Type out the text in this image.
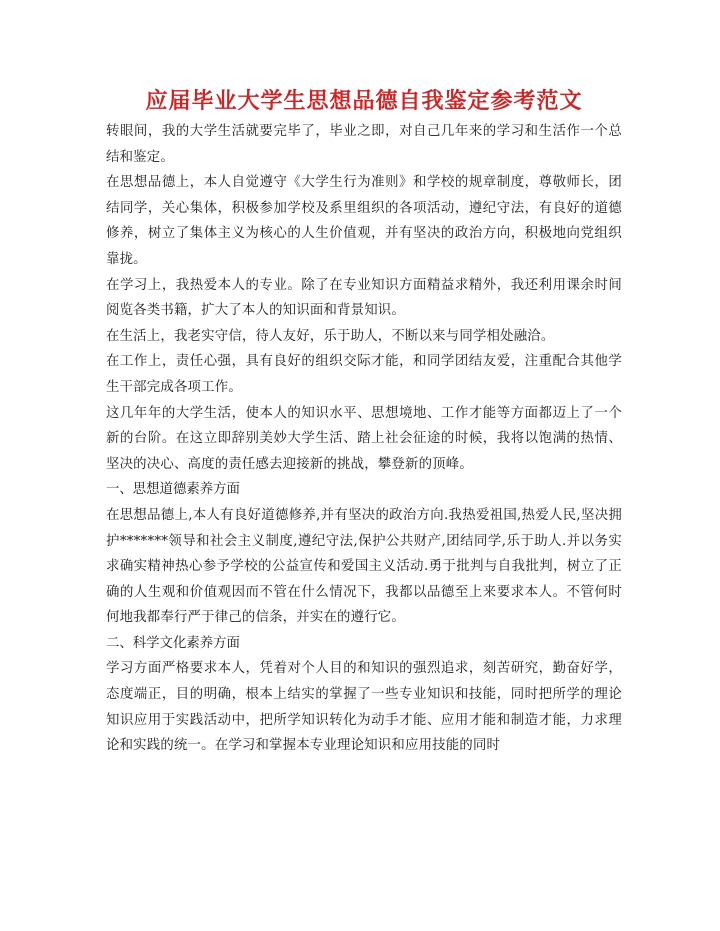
应届毕业大学生思想品德自我鉴定参考范文

转眼间，我的大学生活就要完毕了，毕业之即，对自己几年来的学习和生活作一个总结和鉴定。

在思想品德上，本人自觉遵守《大学生行为准则》和学校的规章制度，尊敬师长，团结同学，关心集体，积极参加学校及系里组织的各项活动，遵纪守法，有良好的道德修养，树立了集体主义为核心的人生价值观，并有坚决的政治方向，积极地向党组织靠拢。

在学习上，我热爱本人的专业。除了在专业知识方面精益求精外，我还利用课余时间阅览各类书籍，扩大了本人的知识面和背景知识。

在生活上，我老实守信，待人友好，乐于助人，不断以来与同学相处融洽。

在工作上，责任心强，具有良好的组织交际才能，和同学团结友爱，注重配合其他学生干部完成各项工作。

这几年年的大学生活，使本人的知识水平、思想境地、工作才能等方面都迈上了一个新的台阶。在这立即辞别美妙大学生活、踏上社会征途的时候，我将以饱满的热情、坚决的决心、高度的责任感去迎接新的挑战，攀登新的顶峰。

一、思想道德素养方面

在思想品德上,本人有良好道德修养,并有坚决的政治方向.我热爱祖国,热爱人民,坚决拥护*******领导和社会主义制度,遵纪守法,保护公共财产,团结同学,乐于助人.并以务实求确实精神热心参予学校的公益宣传和爱国主义活动.勇于批判与自我批判，树立了正确的人生观和价值观因而不管在什么情况下，我都以品德至上来要求本人。不管何时何地我都奉行严于律己的信条，并实在的遵行它。

二、科学文化素养方面

学习方面严格要求本人，凭着对个人目的和知识的强烈追求，刻苦研究，勤奋好学，态度端正，目的明确，根本上结实的掌握了一些专业知识和技能，同时把所学的理论知识应用于实践活动中，把所学知识转化为动手才能、应用才能和制造才能，力求理论和实践的统一。在学习和掌握本专业理论知识和应用技能的同时
